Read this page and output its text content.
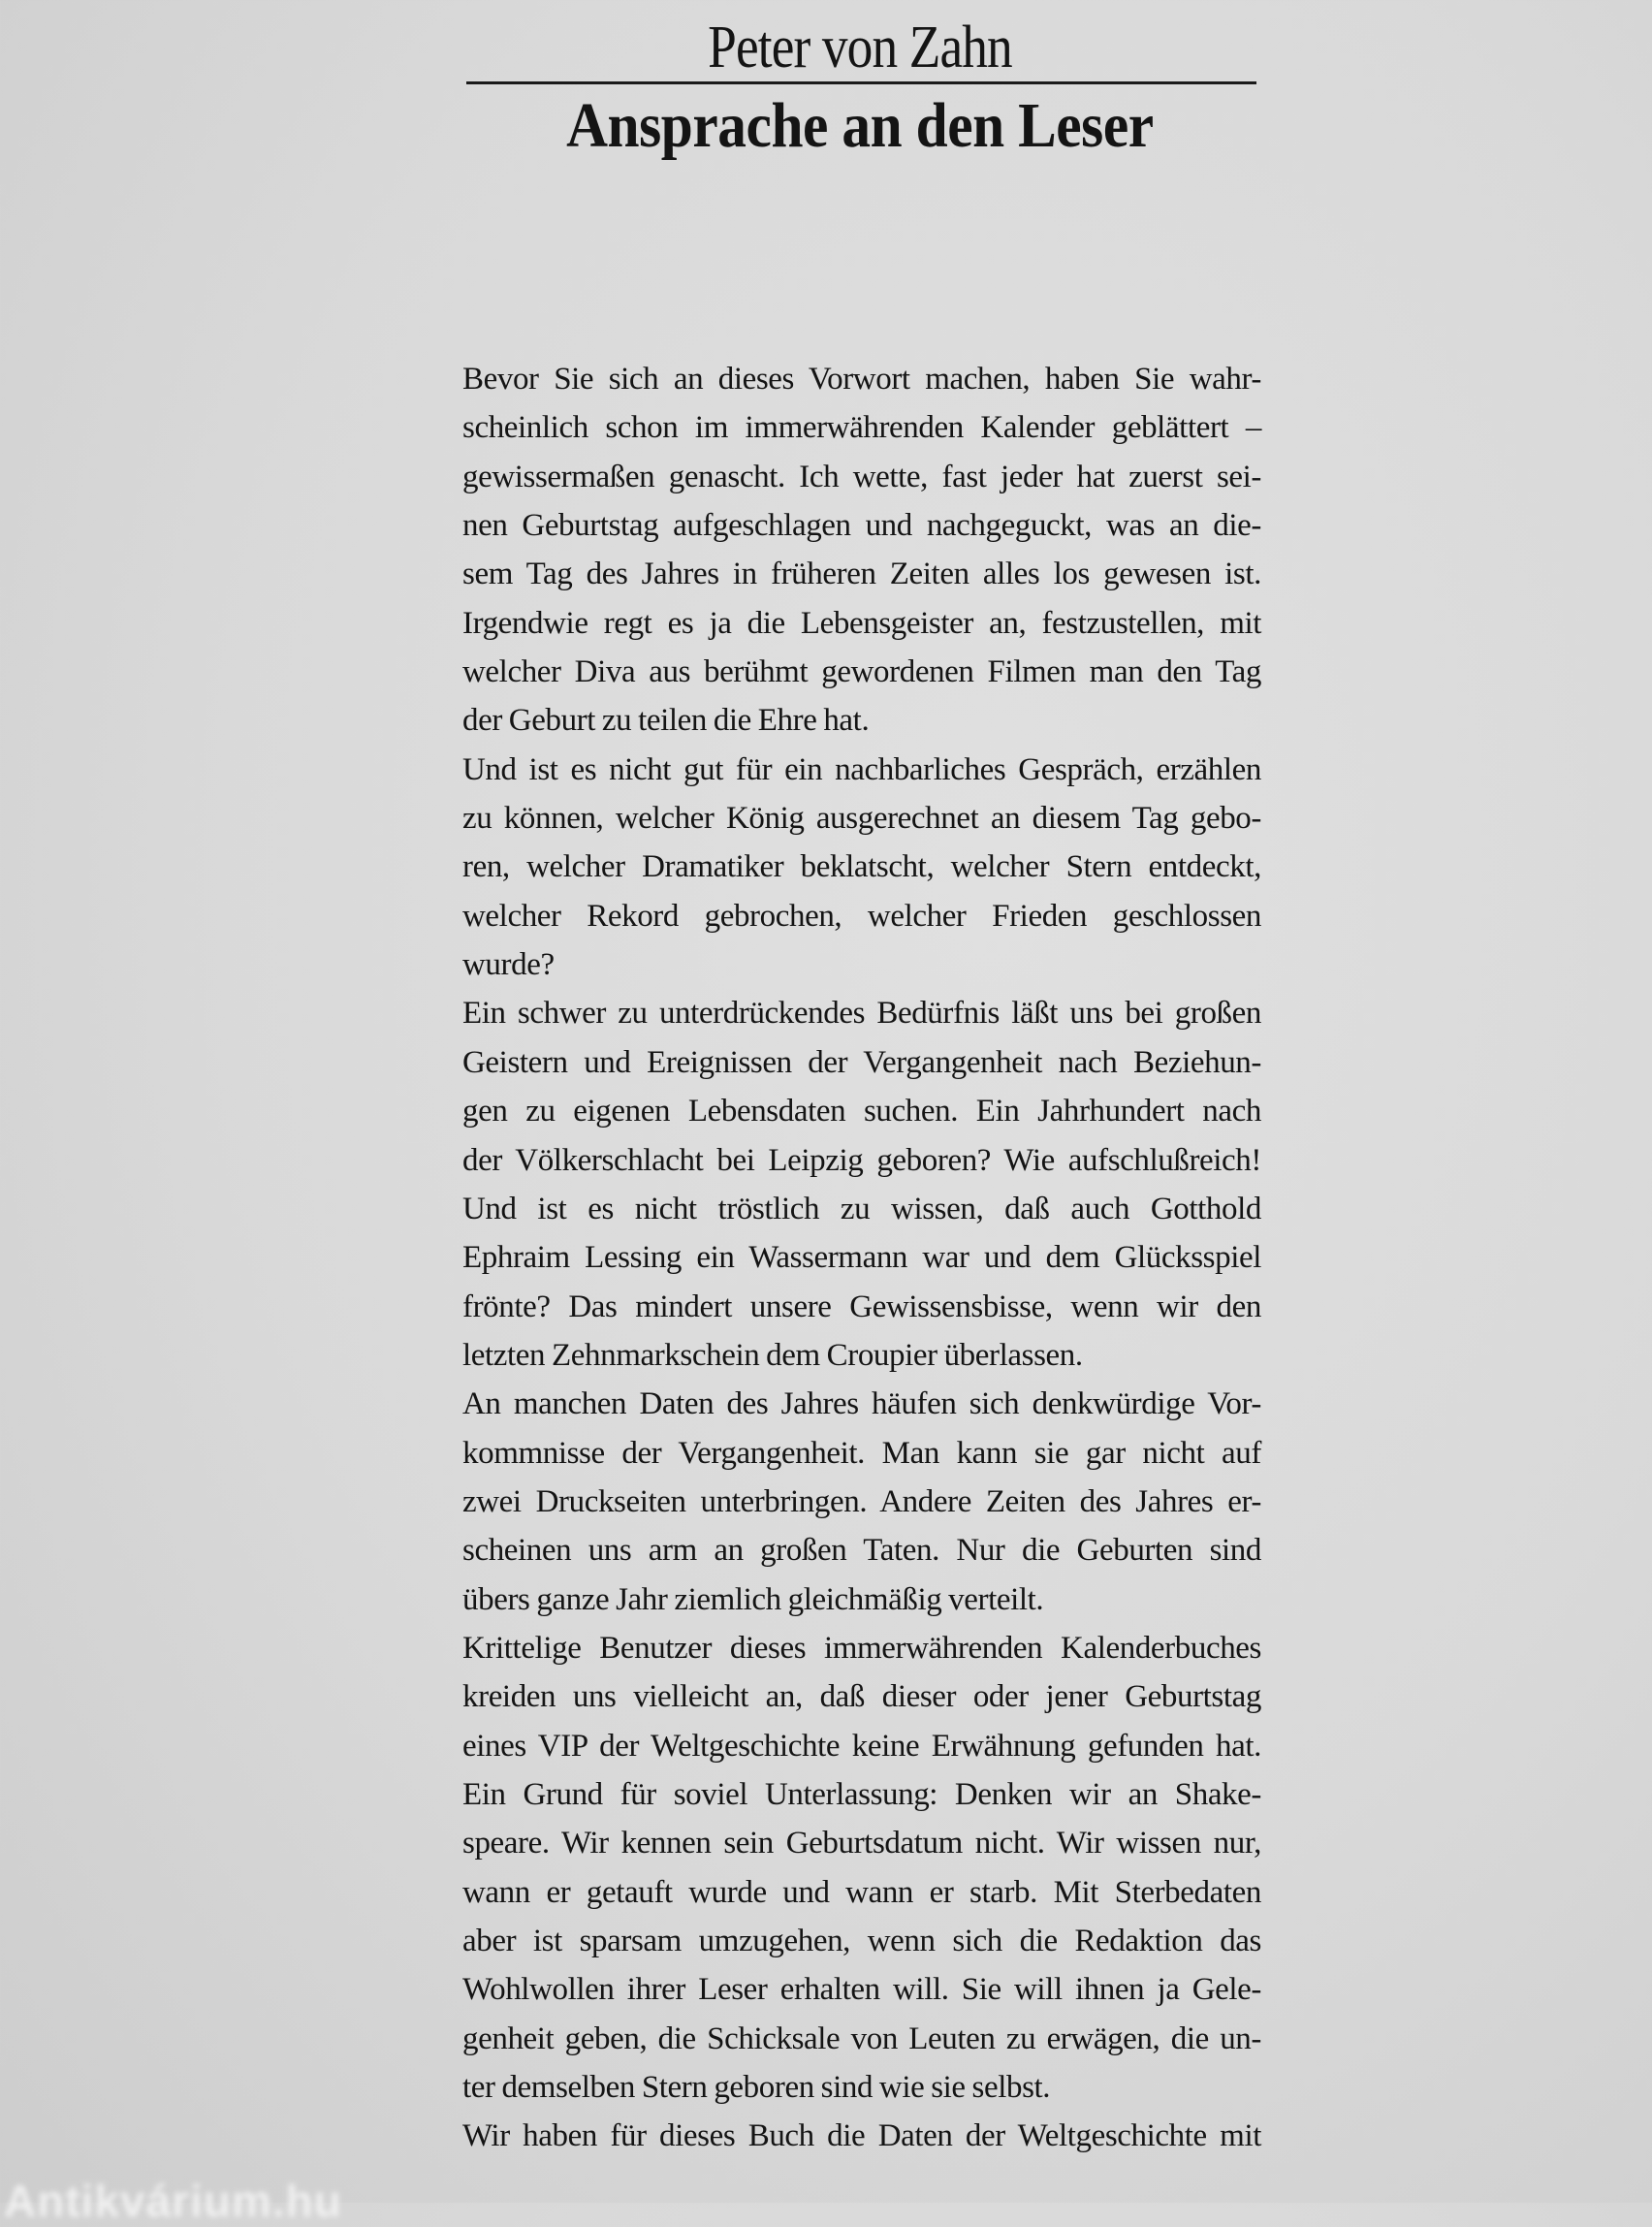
Peter von Zahn
Ansprache an den Leser
Bevor Sie sich an dieses Vorwort machen, haben Sie wahr-
scheinlich schon im immerwährenden Kalender geblättert –
gewissermaßen genascht. Ich wette, fast jeder hat zuerst sei-
nen Geburtstag aufgeschlagen und nachgeguckt, was an die-
sem Tag des Jahres in früheren Zeiten alles los gewesen ist.
Irgendwie regt es ja die Lebensgeister an, festzustellen, mit
welcher Diva aus berühmt gewordenen Filmen man den Tag
der Geburt zu teilen die Ehre hat.
Und ist es nicht gut für ein nachbarliches Gespräch, erzählen
zu können, welcher König ausgerechnet an diesem Tag gebo-
ren, welcher Dramatiker beklatscht, welcher Stern entdeckt,
welcher Rekord gebrochen, welcher Frieden geschlossen
wurde?
Ein schwer zu unterdrückendes Bedürfnis läßt uns bei großen
Geistern und Ereignissen der Vergangenheit nach Beziehun-
gen zu eigenen Lebensdaten suchen. Ein Jahrhundert nach
der Völkerschlacht bei Leipzig geboren? Wie aufschlußreich!
Und ist es nicht tröstlich zu wissen, daß auch Gotthold
Ephraim Lessing ein Wassermann war und dem Glücksspiel
frönte? Das mindert unsere Gewissensbisse, wenn wir den
letzten Zehnmarkschein dem Croupier überlassen.
An manchen Daten des Jahres häufen sich denkwürdige Vor-
kommnisse der Vergangenheit. Man kann sie gar nicht auf
zwei Druckseiten unterbringen. Andere Zeiten des Jahres er-
scheinen uns arm an großen Taten. Nur die Geburten sind
übers ganze Jahr ziemlich gleichmäßig verteilt.
Krittelige Benutzer dieses immerwährenden Kalenderbuches
kreiden uns vielleicht an, daß dieser oder jener Geburtstag
eines VIP der Weltgeschichte keine Erwähnung gefunden hat.
Ein Grund für soviel Unterlassung: Denken wir an Shake-
speare. Wir kennen sein Geburtsdatum nicht. Wir wissen nur,
wann er getauft wurde und wann er starb. Mit Sterbedaten
aber ist sparsam umzugehen, wenn sich die Redaktion das
Wohlwollen ihrer Leser erhalten will. Sie will ihnen ja Gele-
genheit geben, die Schicksale von Leuten zu erwägen, die un-
ter demselben Stern geboren sind wie sie selbst.
Wir haben für dieses Buch die Daten der Weltgeschichte mit
Antikvárium.hu
